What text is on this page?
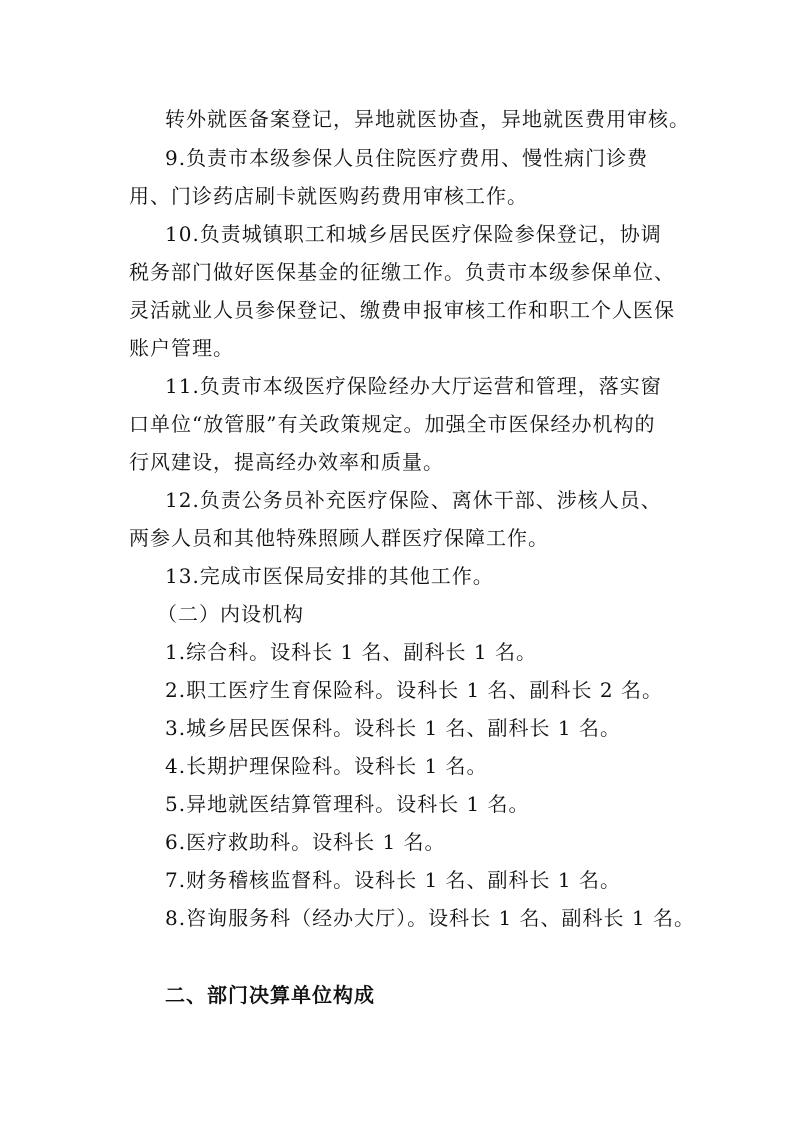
转外就医备案登记，异地就医协查，异地就医费用审核。
9.负责市本级参保人员住院医疗费用、慢性病门诊费
用、门诊药店刷卡就医购药费用审核工作。
10.负责城镇职工和城乡居民医疗保险参保登记，协调
税务部门做好医保基金的征缴工作。负责市本级参保单位、
灵活就业人员参保登记、缴费申报审核工作和职工个人医保
账户管理。
11.负责市本级医疗保险经办大厅运营和管理，落实窗
口单位“放管服”有关政策规定。加强全市医保经办机构的
行风建设，提高经办效率和质量。
12.负责公务员补充医疗保险、离休干部、涉核人员、
两参人员和其他特殊照顾人群医疗保障工作。
13.完成市医保局安排的其他工作。
（二）内设机构
1.综合科。设科长 1 名、副科长 1 名。
2.职工医疗生育保险科。设科长 1 名、副科长 2 名。
3.城乡居民医保科。设科长 1 名、副科长 1 名。
4.长期护理保险科。设科长 1 名。
5.异地就医结算管理科。设科长 1 名。
6.医疗救助科。设科长 1 名。
7.财务稽核监督科。设科长 1 名、副科长 1 名。
8.咨询服务科（经办大厅）。设科长 1 名、副科长 1 名。
二、部门决算单位构成
